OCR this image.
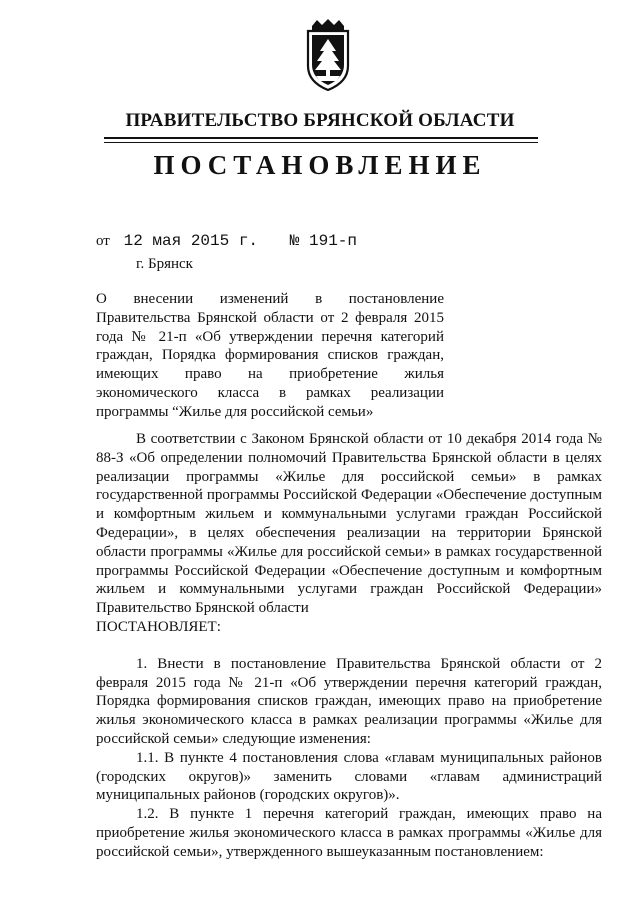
ПРАВИТЕЛЬСТВО БРЯНСКОЙ ОБЛАСТИ
ПОСТАНОВЛЕНИЕ
от 12 мая 2015 г. № 191-п
г. Брянск
О внесении изменений в постановление Правительства Брянской области от 2 февраля 2015 года № 21-п «Об утверждении перечня категорий граждан, Порядка формирования списков граждан, имеющих право на приобретение жилья экономического класса в рамках реализации программы “Жилье для российской семьи»

В соответствии с Законом Брянской области от 10 декабря 2014 года № 88-З «Об определении полномочий Правительства Брянской области в целях реализации программы «Жилье для российской семьи» в рамках государственной программы Российской Федерации «Обеспечение доступным и комфортным жильем и коммунальными услугами граждан Российской Федерации», в целях обеспечения реализации на территории Брянской области программы «Жилье для российской семьи» в рамках государственной программы Российской Федерации «Обеспечение доступным и комфортным жильем и коммунальными услугами граждан Российской Федерации» Правительство Брянской области

ПОСТАНОВЛЯЕТ:

1. Внести в постановление Правительства Брянской области от 2 февраля 2015 года № 21-п «Об утверждении перечня категорий граждан, Порядка формирования списков граждан, имеющих право на приобретение жилья экономического класса в рамках реализации программы «Жилье для российской семьи» следующие изменения:

1.1. В пункте 4 постановления слова «главам муниципальных районов (городских округов)» заменить словами «главам администраций муниципальных районов (городских округов)».

1.2. В пункте 1 перечня категорий граждан, имеющих право на приобретение жилья экономического класса в рамках программы «Жилье для российской семьи», утвержденного вышеуказанным постановлением:
